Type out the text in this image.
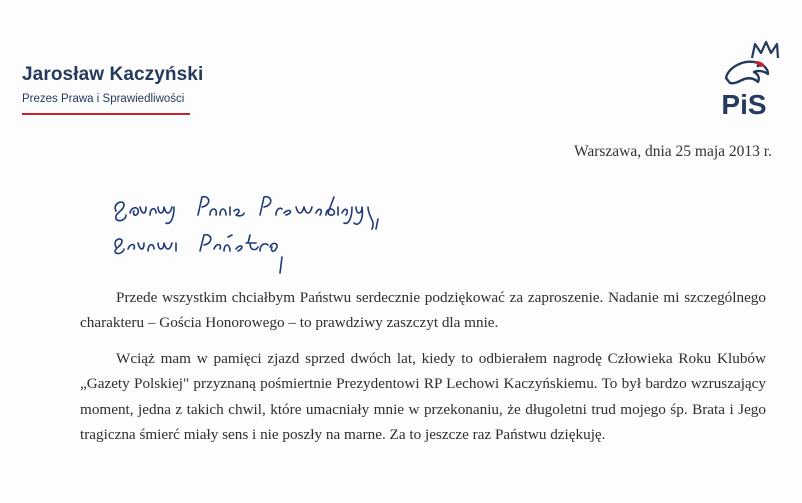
Jarosław Kaczyński
Prezes Prawa i Sprawiedliwości	PiS
Warszawa, dnia 25 maja 2013 r.

Przede wszystkim chciałbym Państwu serdecznie podziękować za zaproszenie. Nadanie mi szczególnego charakteru – Gościa Honorowego – to prawdziwy zaszczyt dla mnie.

Wciąż mam w pamięci zjazd sprzed dwóch lat, kiedy to odbierałem nagrodę Człowieka Roku Klubów „Gazety Polskiej" przyznaną pośmiertnie Prezydentowi RP Lechowi Kaczyńskiemu. To był bardzo wzruszający moment, jedna z takich chwil, które umacniały mnie w przekonaniu, że długoletni trud mojego śp. Brata i Jego tragiczna śmierć miały sens i nie poszły na marne. Za to jeszcze raz Państwu dziękuję.
